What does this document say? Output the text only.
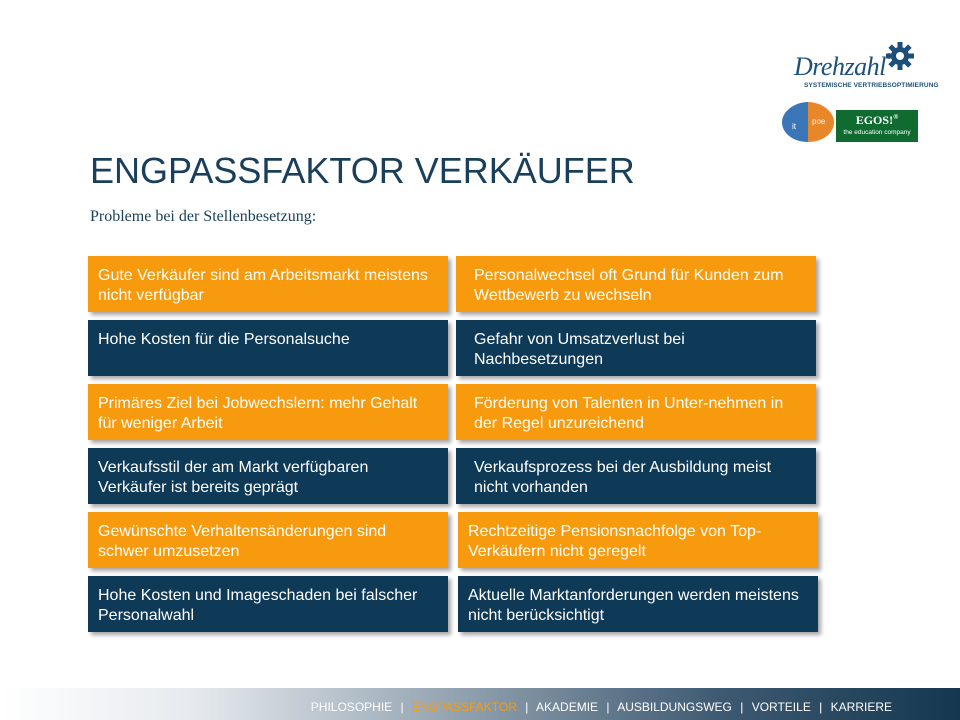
Drehzahl
SYSTEMISCHE VERTRIEBSOPTIMIERUNG
it
poe	EGOS!®
the education company
ENGPASSFAKTOR VERKÄUFER
Probleme bei der Stellenbesetzung:
Gute Verkäufer sind am Arbeitsmarkt meistens nicht verfügbar
Personalwechsel oft Grund für Kunden zum Wettbewerb zu wechseln
Hohe Kosten für die Personalsuche	Gefahr von Umsatzverlust bei Nachbesetzungen
Primäres Ziel bei Jobwechslern: mehr Gehalt für weniger Arbeit
Förderung von Talenten in Unter-nehmen in der Regel unzureichend
Verkaufsstil der am Markt verfügbaren Verkäufer ist bereits geprägt
Verkaufsprozess bei der Ausbildung meist nicht vorhanden
Gewünschte Verhaltensänderungen sind schwer umzusetzen
Rechtzeitige Pensionsnachfolge von Top-Verkäufern nicht geregelt
Hohe Kosten und Imageschaden bei falscher Personalwahl
Aktuelle Marktanforderungen werden meistens nicht berücksichtigt
PHILOSOPHIE | ENGPASSFAKTOR | AKADEMIE | AUSBILDUNGSWEG | VORTEILE | KARRIERE
